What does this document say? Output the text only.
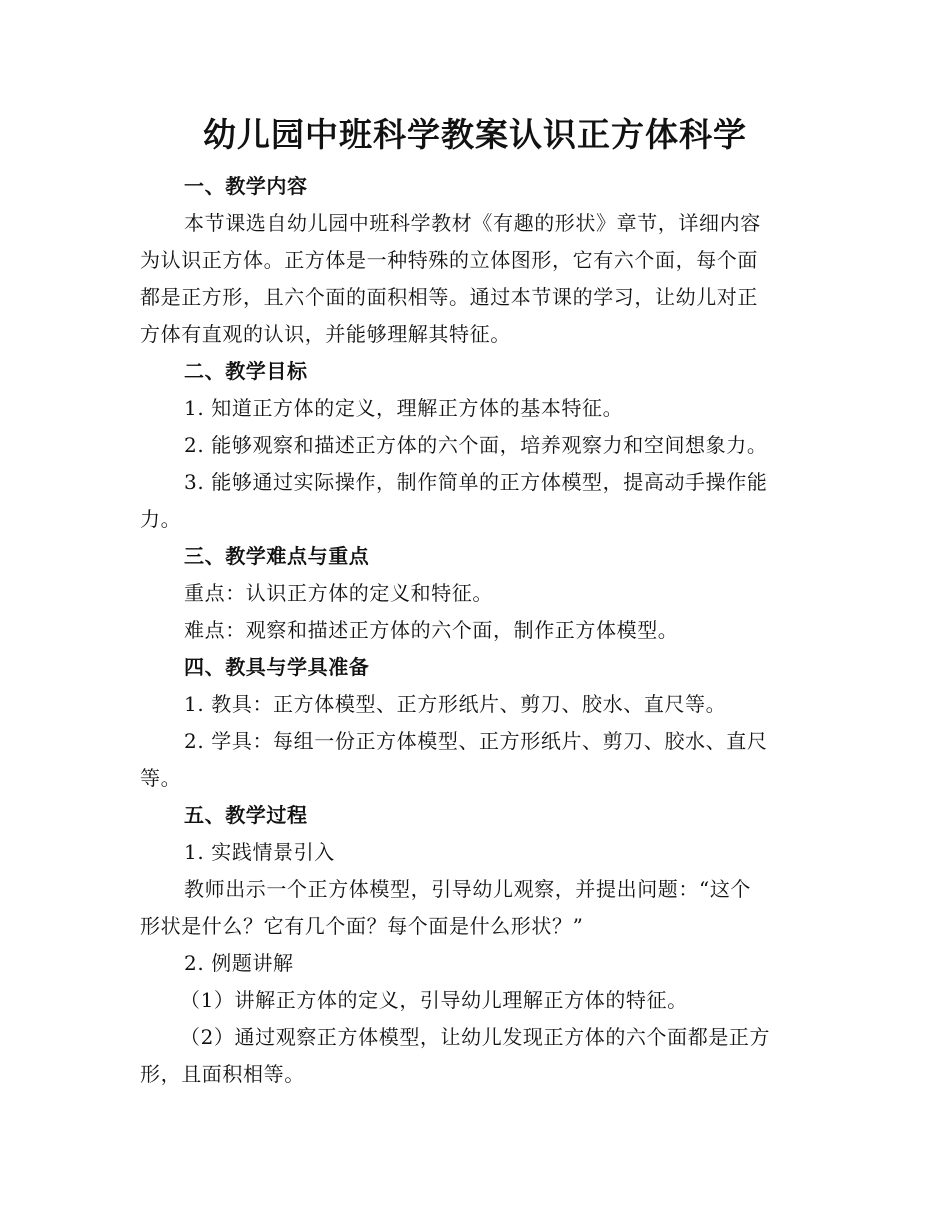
幼儿园中班科学教案认识正方体科学
一、教学内容
本节课选自幼儿园中班科学教材《有趣的形状》章节，详细内容
为认识正方体。正方体是一种特殊的立体图形，它有六个面，每个面
都是正方形，且六个面的面积相等。通过本节课的学习，让幼儿对正
方体有直观的认识，并能够理解其特征。
二、教学目标
1. 知道正方体的定义，理解正方体的基本特征。
2. 能够观察和描述正方体的六个面，培养观察力和空间想象力。
3. 能够通过实际操作，制作简单的正方体模型，提高动手操作能
力。
三、教学难点与重点
重点：认识正方体的定义和特征。
难点：观察和描述正方体的六个面，制作正方体模型。
四、教具与学具准备
1. 教具：正方体模型、正方形纸片、剪刀、胶水、直尺等。
2. 学具：每组一份正方体模型、正方形纸片、剪刀、胶水、直尺
等。
五、教学过程
1. 实践情景引入
教师出示一个正方体模型，引导幼儿观察，并提出问题：“这个
形状是什么？它有几个面？每个面是什么形状？”
2. 例题讲解
（1）讲解正方体的定义，引导幼儿理解正方体的特征。
（2）通过观察正方体模型，让幼儿发现正方体的六个面都是正方
形，且面积相等。
